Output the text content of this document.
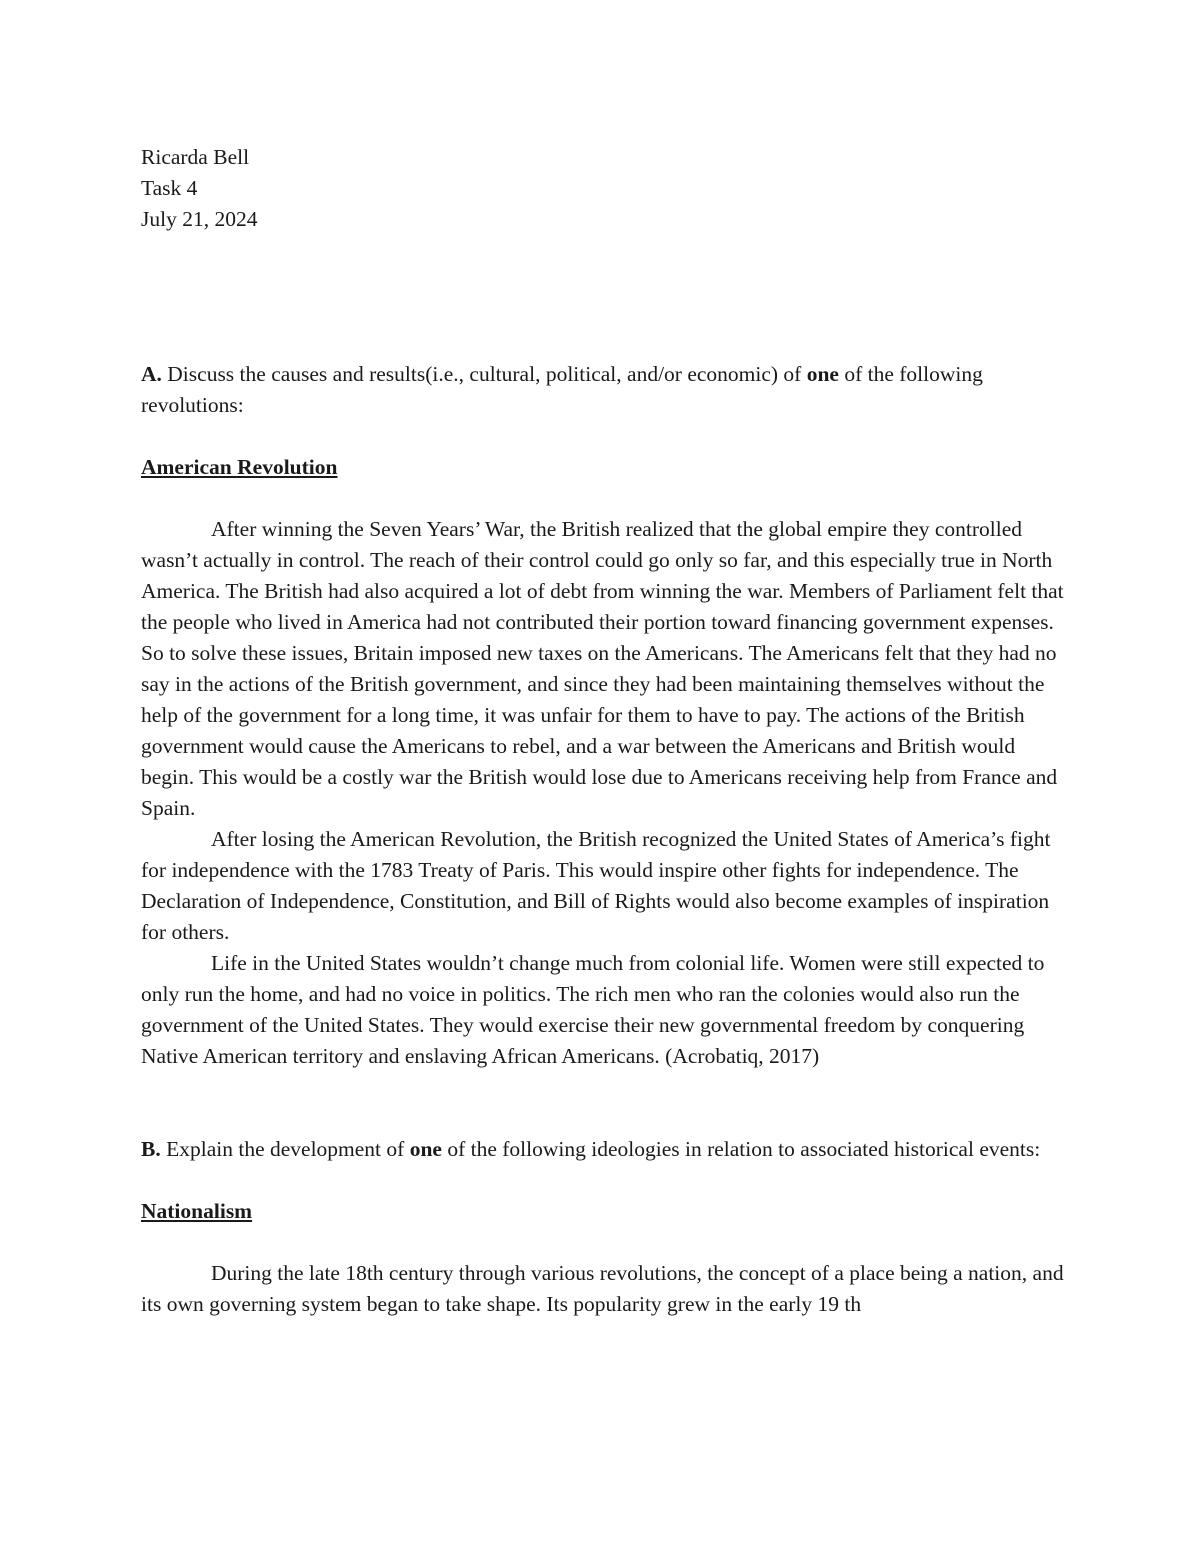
Ricarda Bell
Task 4
July 21, 2024

A. Discuss the causes and results(i.e., cultural, political, and/or economic) of one of the following revolutions:

American Revolution

After winning the Seven Years’ War, the British realized that the global empire they controlled wasn’t actually in control. The reach of their control could go only so far, and this especially true in North America. The British had also acquired a lot of debt from winning the war. Members of Parliament felt that the people who lived in America had not contributed their portion toward financing government expenses. So to solve these issues, Britain imposed new taxes on the Americans. The Americans felt that they had no say in the actions of the British government, and since they had been maintaining themselves without the help of the government for a long time, it was unfair for them to have to pay. The actions of the British government would cause the Americans to rebel, and a war between the Americans and British would begin. This would be a costly war the British would lose due to Americans receiving help from France and Spain.

After losing the American Revolution, the British recognized the United States of America’s fight for independence with the 1783 Treaty of Paris. This would inspire other fights for independence. The Declaration of Independence, Constitution, and Bill of Rights would also become examples of inspiration for others.

Life in the United States wouldn’t change much from colonial life. Women were still expected to only run the home, and had no voice in politics. The rich men who ran the colonies would also run the government of the United States. They would exercise their new governmental freedom by conquering Native American territory and enslaving African Americans. (Acrobatiq, 2017)

B. Explain the development of one of the following ideologies in relation to associated historical events:

Nationalism

During the late 18th century through various revolutions, the concept of a place being a nation, and its own governing system began to take shape. Its popularity grew in the early 19 th
